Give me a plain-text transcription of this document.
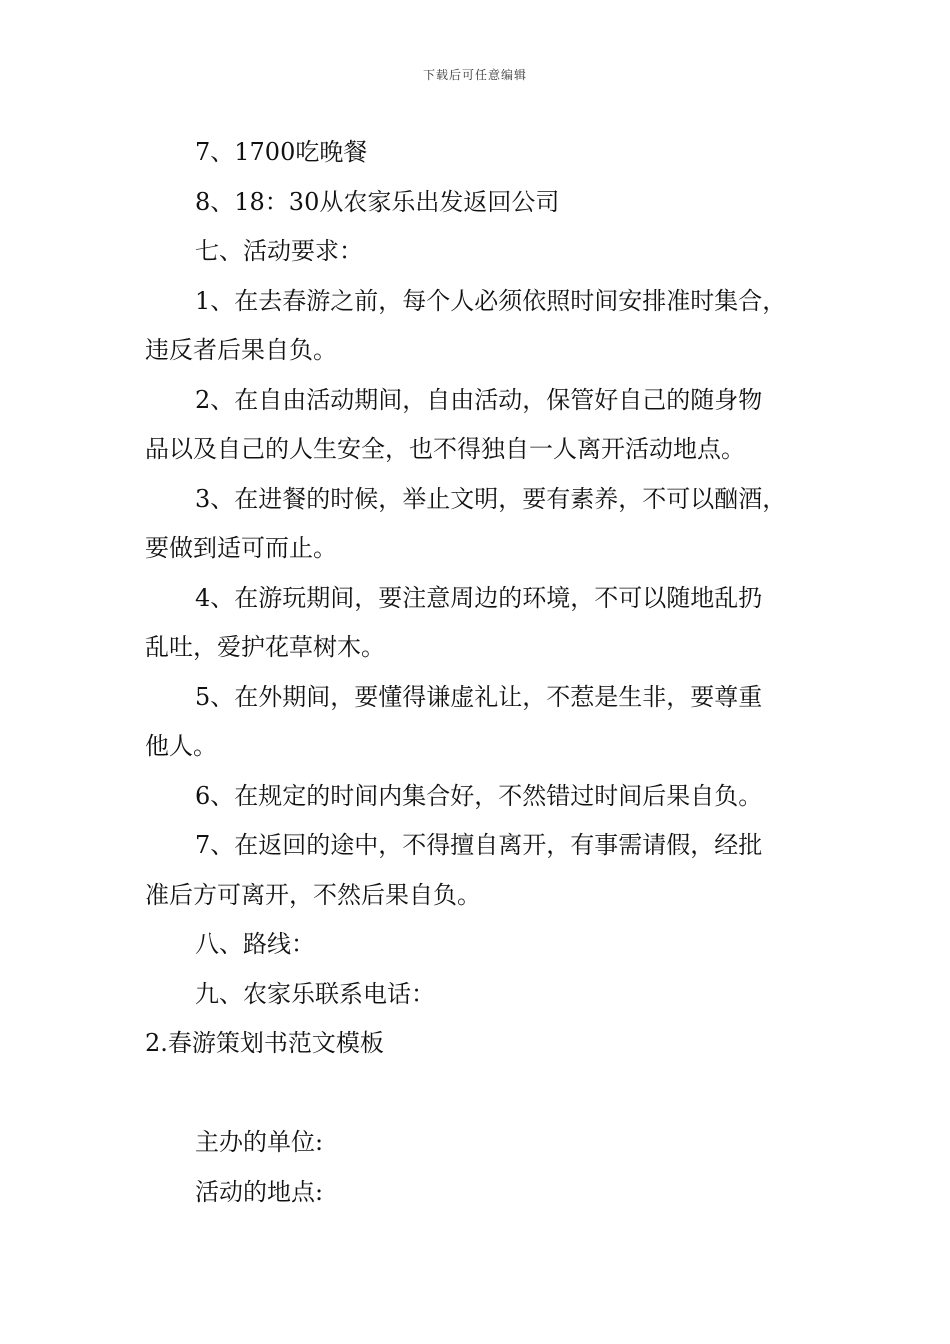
下载后可任意编辑
7、1700吃晚餐
8、18：30从农家乐出发返回公司
七、活动要求：
1、在去春游之前，每个人必须依照时间安排准时集合，
违反者后果自负。
2、在自由活动期间，自由活动，保管好自己的随身物
品以及自己的人生安全，也不得独自一人离开活动地点。
3、在进餐的时候，举止文明，要有素养，不可以酗酒，
要做到适可而止。
4、在游玩期间，要注意周边的环境，不可以随地乱扔
乱吐，爱护花草树木。
5、在外期间，要懂得谦虚礼让，不惹是生非，要尊重
他人。
6、在规定的时间内集合好，不然错过时间后果自负。
7、在返回的途中，不得擅自离开，有事需请假，经批
准后方可离开，不然后果自负。
八、路线：
九、农家乐联系电话：
2.春游策划书范文模板
主办的单位:
活动的地点:
